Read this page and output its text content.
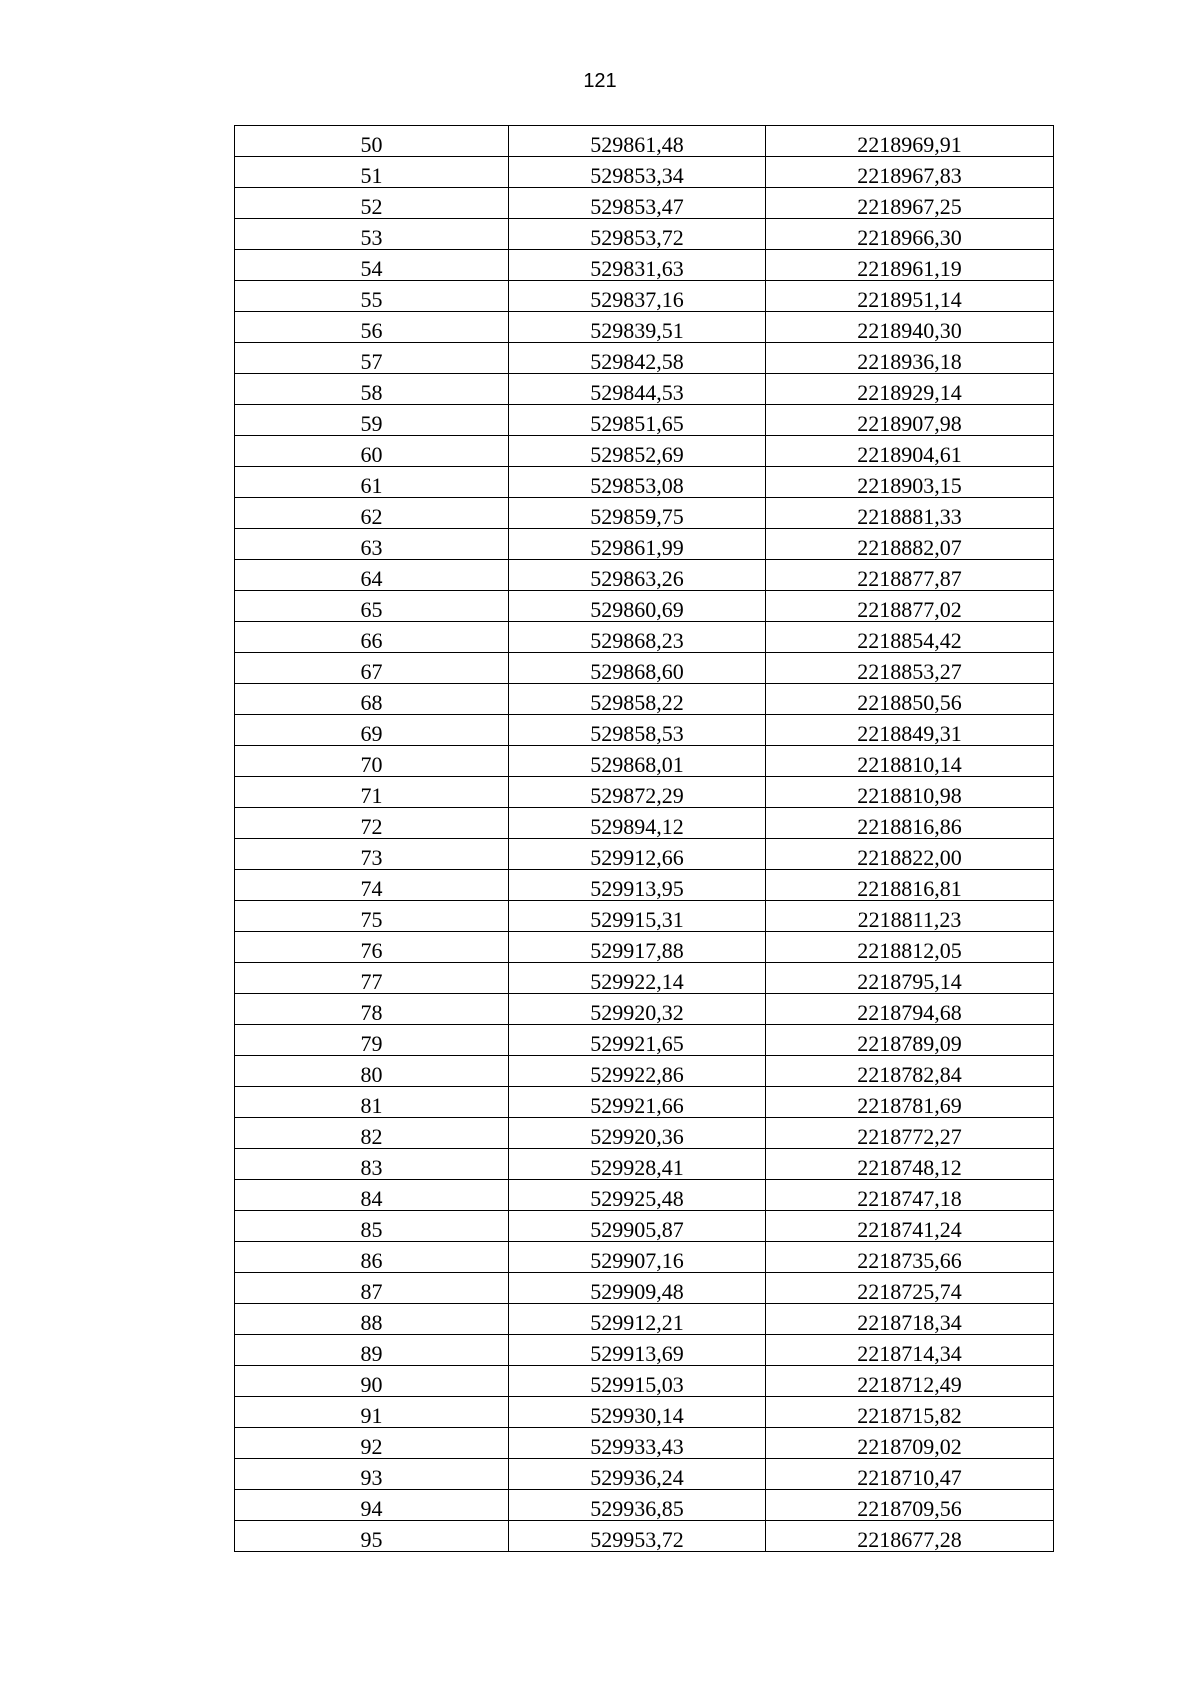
121
50	529861,48	2218969,91
51	529853,34	2218967,83
52	529853,47	2218967,25
53	529853,72	2218966,30
54	529831,63	2218961,19
55	529837,16	2218951,14
56	529839,51	2218940,30
57	529842,58	2218936,18
58	529844,53	2218929,14
59	529851,65	2218907,98
60	529852,69	2218904,61
61	529853,08	2218903,15
62	529859,75	2218881,33
63	529861,99	2218882,07
64	529863,26	2218877,87
65	529860,69	2218877,02
66	529868,23	2218854,42
67	529868,60	2218853,27
68	529858,22	2218850,56
69	529858,53	2218849,31
70	529868,01	2218810,14
71	529872,29	2218810,98
72	529894,12	2218816,86
73	529912,66	2218822,00
74	529913,95	2218816,81
75	529915,31	2218811,23
76	529917,88	2218812,05
77	529922,14	2218795,14
78	529920,32	2218794,68
79	529921,65	2218789,09
80	529922,86	2218782,84
81	529921,66	2218781,69
82	529920,36	2218772,27
83	529928,41	2218748,12
84	529925,48	2218747,18
85	529905,87	2218741,24
86	529907,16	2218735,66
87	529909,48	2218725,74
88	529912,21	2218718,34
89	529913,69	2218714,34
90	529915,03	2218712,49
91	529930,14	2218715,82
92	529933,43	2218709,02
93	529936,24	2218710,47
94	529936,85	2218709,56
95	529953,72	2218677,28
